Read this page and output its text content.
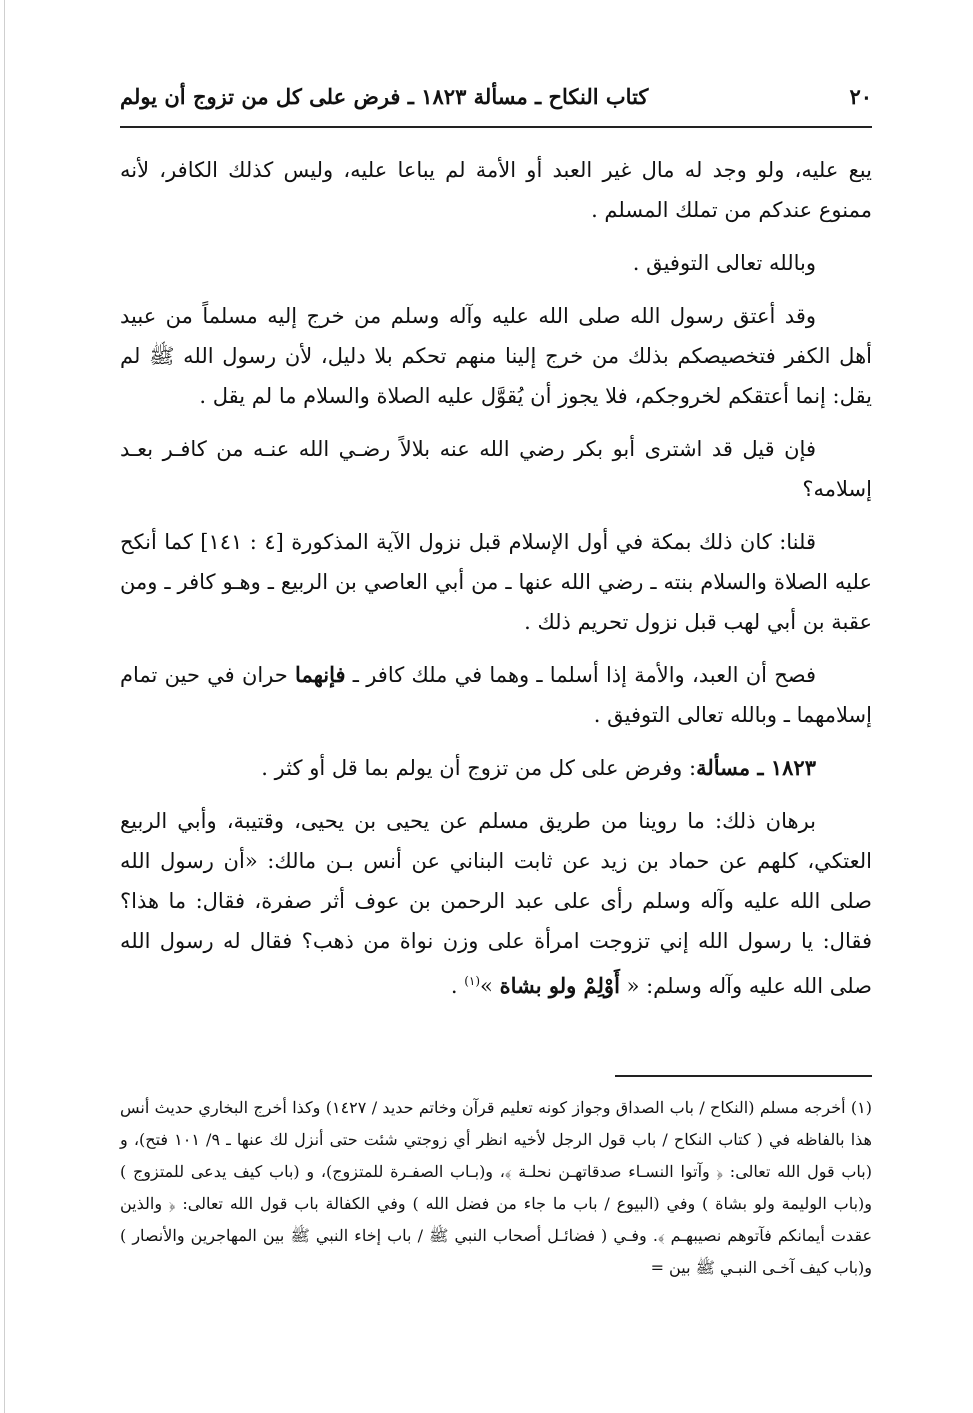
٢٠
كتاب النكاح ـ مسألة ١٨٢٣ ـ فرض على كل من تزوج أن يولم

يبع عليه، ولو وجد له مال غير العبد أو الأمة لم يباعا عليه، وليس كذلك الكافر، لأنه ممنوع عندكم من تملك المسلم .

وبالله تعالى التوفيق .

وقد أعتق رسول الله صلى الله عليه وآله وسلم من خرج إليه مسلماً من عبيد أهل الكفر فتخصيصكم بذلك من خرج إلينا منهم تحكم بلا دليل، لأن رسول الله ﷺ لم يقل: إنما أعتقكم لخروجكم، فلا يجوز أن يُقوَّل عليه الصلاة والسلام ما لم يقل .

فإن قيل قد اشترى أبو بكر رضي الله عنه بلالاً رضـي الله عنـه من كافـر بعـد إسلامه؟

قلنا: كان ذلك بمكة في أول الإسلام قبل نزول الآية المذكورة [٤ : ١٤١] كما أنكح عليه الصلاة والسلام بنته ـ رضي الله عنها ـ من أبي العاصي بن الربيع ـ وهـو كافر ـ ومن عقبة بن أبي لهب قبل نزول تحريم ذلك .

فصح أن العبد، والأمة إذا أسلما ـ وهما في ملك كافر ـ فإنهما حران في حين تمام إسلامهما ـ وبالله تعالى التوفيق .

١٨٢٣ ـ مسألة: وفرض على كل من تزوج أن يولم بما قل أو كثر .

برهان ذلك: ما روينا من طريق مسلم عن يحيى بن يحيى، وقتيبة، وأبي الربيع العتكي، كلهم عن حماد بن زيد عن ثابت البناني عن أنس بـن مالك: «أن رسول الله صلى الله عليه وآله وسلم رأى على عبد الرحمن بن عوف أثر صفرة، فقال: ما هذا؟ فقال: يا رسول الله إني تزوجت امرأة على وزن نواة من ذهب؟ فقال له رسول الله صلى الله عليه وآله وسلم: « أَوْلِمْ ولو بشاة »$^{(١)}$ .

(١) أخرجه مسلم (النكاح / باب الصداق وجواز كونه تعليم قرآن وخاتم حديد / ١٤٢٧) وكذا أخرج البخاري حديث أنس هذا بالفاظه في ( كتاب النكاح / باب قول الرجل لأخيه انظر أي زوجتي شئت حتى أنزل لك عنها ـ ٩/ ١٠١ فتح)، و (باب قول الله تعالى: ﴿ وآتوا النسـاء صدقاتهـن نحلـة ﴾، و(بـاب الصفـرة للمتزوج)، و (باب كيف يدعى للمتزوج ) و(باب الوليمة ولو بشاة ) وفي (البيوع / باب ما جاء من فضل الله ) وفي الكفالة باب قول الله تعالى: ﴿ والذين عقدت أيمانكم فآتوهم نصيبهـم ﴾. وفـي ( فضائـل أصحاب النبي ﷺ / باب إخاء النبي ﷺ بين المهاجرين والأنصار ) و(باب كيف آخـى النبـي ﷺ بين =
